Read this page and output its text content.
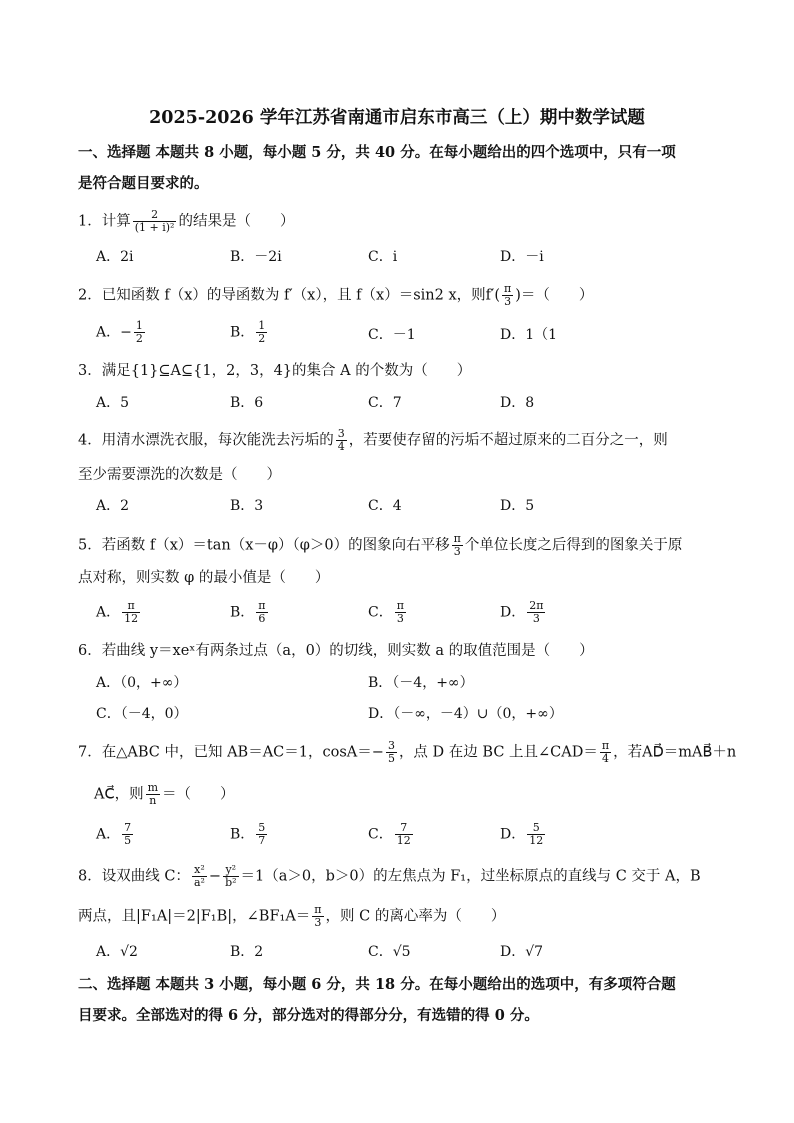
2025-2026 学年江苏省南通市启东市高三（上）期中数学试题
一、选择题 本题共 8 小题，每小题 5 分，共 40 分。在每小题给出的四个选项中，只有一项
是符合题目要求的。
1．计算 $\frac{2}{\text{(1 + i)²}}$ 的结果是（　　）
A．2i	B．－2i	C．i	D．－i
2．已知函数 f（x）的导函数为 f′（x），且 f（x）＝sin2 x，则$f'( \frac{\pi}{3}$ )＝（　　）
A．− $\frac{1}{2}$	B． $\frac{1}{2}$	C．－1	D．1（1
3．满足{1}⊆A⊆{1，2，3，4}的集合 A 的个数为（　　）
A．5	B．6	C．7	D．8
4．用清水漂洗衣服，每次能洗去污垢的 $\frac{3}{4}$ ，若要使存留的污垢不超过原来的二百分之一，则
至少需要漂洗的次数是（　　）
A．2	B．3	C．4	D．5
5．若函数 f（x）＝tan（x－φ）（φ＞0）的图象向右平移 $\frac{\pi}{3}$ 个单位长度之后得到的图象关于原
点对称，则实数 φ 的最小值是（　　）
A． $\frac{\pi}{12}$	B． $\frac{\pi}{6}$	C． $\frac{\pi}{3}$	D． $\frac{2\pi}{3}$
6．若曲线 y＝xeˣ有两条过点（a，0）的切线，则实数 a 的取值范围是（　　）
A．（0，+∞）	B．（－4，+∞）
C．（－4，0）	D．（－∞，－4）∪（0，+∞）
7．在△ABC 中，已知 AB＝AC＝1，$\cos A=- \frac{3}{5}$ ，点 D 在边 BC 上且∠CAD＝ $\frac{\pi}{4}$ ，若AD⃗＝mAB⃗＋n
AC⃗，则 $\frac{m}{n}$ ＝（　　）
A． $\frac{7}{5}$	B． $\frac{5}{7}$	C． $\frac{7}{12}$	D． $\frac{5}{12}$
8．设双曲线 C： $\frac{\text{x²}}{\text{a²}} - \frac{\text{y²}}{\text{b²}} =1(a>0$，b＞0）的左焦点为 F₁，过坐标原点的直线与 C 交于 A，B
两点，且|F₁A|＝2|F₁B|，∠BF₁A＝ $\frac{\pi}{3}$ ，则 C 的离心率为（　　）
A．√2	B．2	C．√5	D．√7
二、选择题 本题共 3 小题，每小题 6 分，共 18 分。在每小题给出的选项中，有多项符合题
目要求。全部选对的得 6 分，部分选对的得部分分，有选错的得 0 分。
